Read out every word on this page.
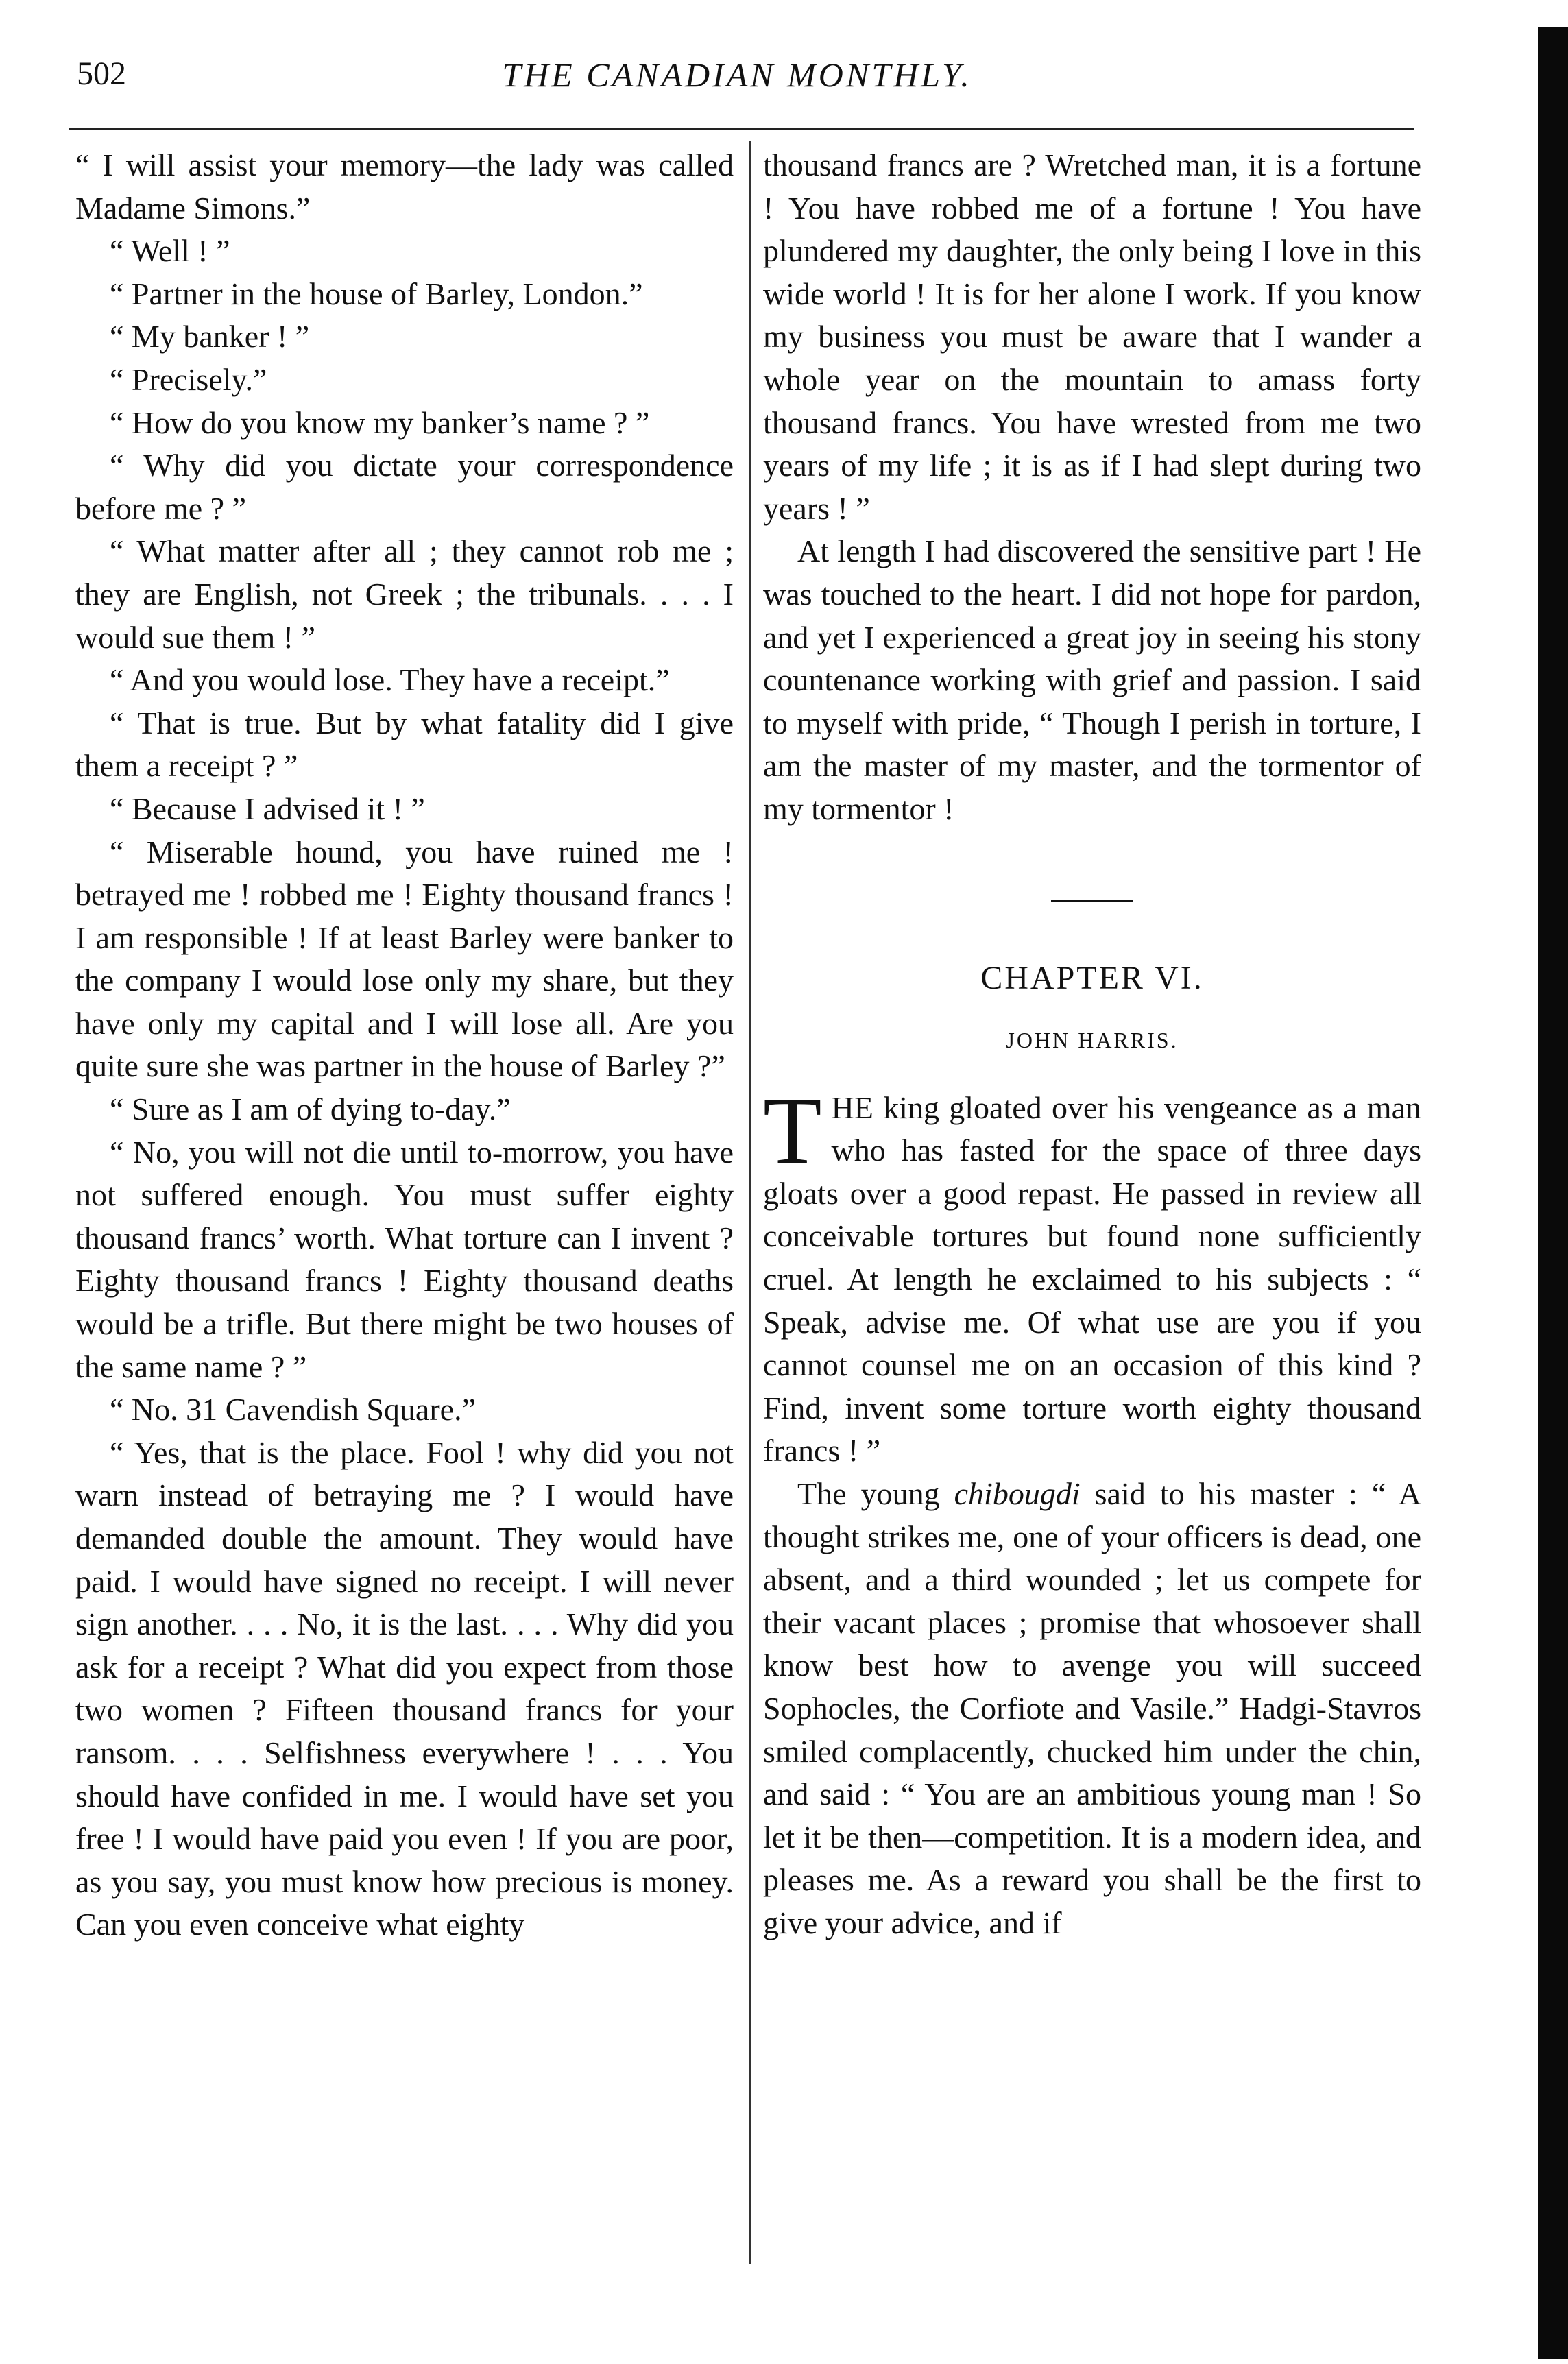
502	THE CANADIAN MONTHLY.

“ I will assist your memory—the lady was called Madame Simons.”

“ Well ! ”

“ Partner in the house of Barley, London.”

“ My banker ! ”

“ Precisely.”

“ How do you know my banker’s name ? ”

“ Why did you dictate your correspondence before me ? ”

“ What matter after all ; they cannot rob me ; they are English, not Greek ; the tribunals. . . . I would sue them ! ”

“ And you would lose. They have a receipt.”

“ That is true. But by what fatality did I give them a receipt ? ”

“ Because I advised it ! ”

“ Miserable hound, you have ruined me ! betrayed me ! robbed me ! Eighty thousand francs ! I am responsible ! If at least Barley were banker to the company I would lose only my share, but they have only my capital and I will lose all. Are you quite sure she was partner in the house of Barley ?”

“ Sure as I am of dying to-day.”

“ No, you will not die until to-morrow, you have not suffered enough. You must suffer eighty thousand francs’ worth. What torture can I invent ? Eighty thousand francs ! Eighty thousand deaths would be a trifle. But there might be two houses of the same name ? ”

“ No. 31 Cavendish Square.”

“ Yes, that is the place. Fool ! why did you not warn instead of betraying me ? I would have demanded double the amount. They would have paid. I would have signed no receipt. I will never sign another. . . . No, it is the last. . . . Why did you ask for a receipt ? What did you expect from those two women ? Fifteen thousand francs for your ransom. . . . Selfishness everywhere ! . . . You should have confided in me. I would have set you free ! I would have paid you even ! If you are poor, as you say, you must know how precious is money. Can you even conceive what eighty

thousand francs are ? Wretched man, it is a fortune ! You have robbed me of a fortune ! You have plundered my daughter, the only being I love in this wide world ! It is for her alone I work. If you know my business you must be aware that I wander a whole year on the mountain to amass forty thousand francs. You have wrested from me two years of my life ; it is as if I had slept during two years ! ”

At length I had discovered the sensitive part ! He was touched to the heart. I did not hope for pardon, and yet I experienced a great joy in seeing his stony countenance working with grief and passion. I said to myself with pride, “ Though I perish in torture, I am the master of my master, and the tormentor of my tormentor !

CHAPTER VI.

JOHN HARRIS.

THE king gloated over his vengeance as a man who has fasted for the space of three days gloats over a good repast. He passed in review all conceivable tortures but found none sufficiently cruel. At length he exclaimed to his subjects : “ Speak, advise me. Of what use are you if you cannot counsel me on an occasion of this kind ? Find, invent some torture worth eighty thousand francs ! ”

The young chibougdi said to his master : “ A thought strikes me, one of your officers is dead, one absent, and a third wounded ; let us compete for their vacant places ; promise that whosoever shall know best how to avenge you will succeed Sophocles, the Corfiote and Vasile.” Hadgi-Stavros smiled complacently, chucked him under the chin, and said : “ You are an ambitious young man ! So let it be then—competition. It is a modern idea, and pleases me. As a reward you shall be the first to give your advice, and if
